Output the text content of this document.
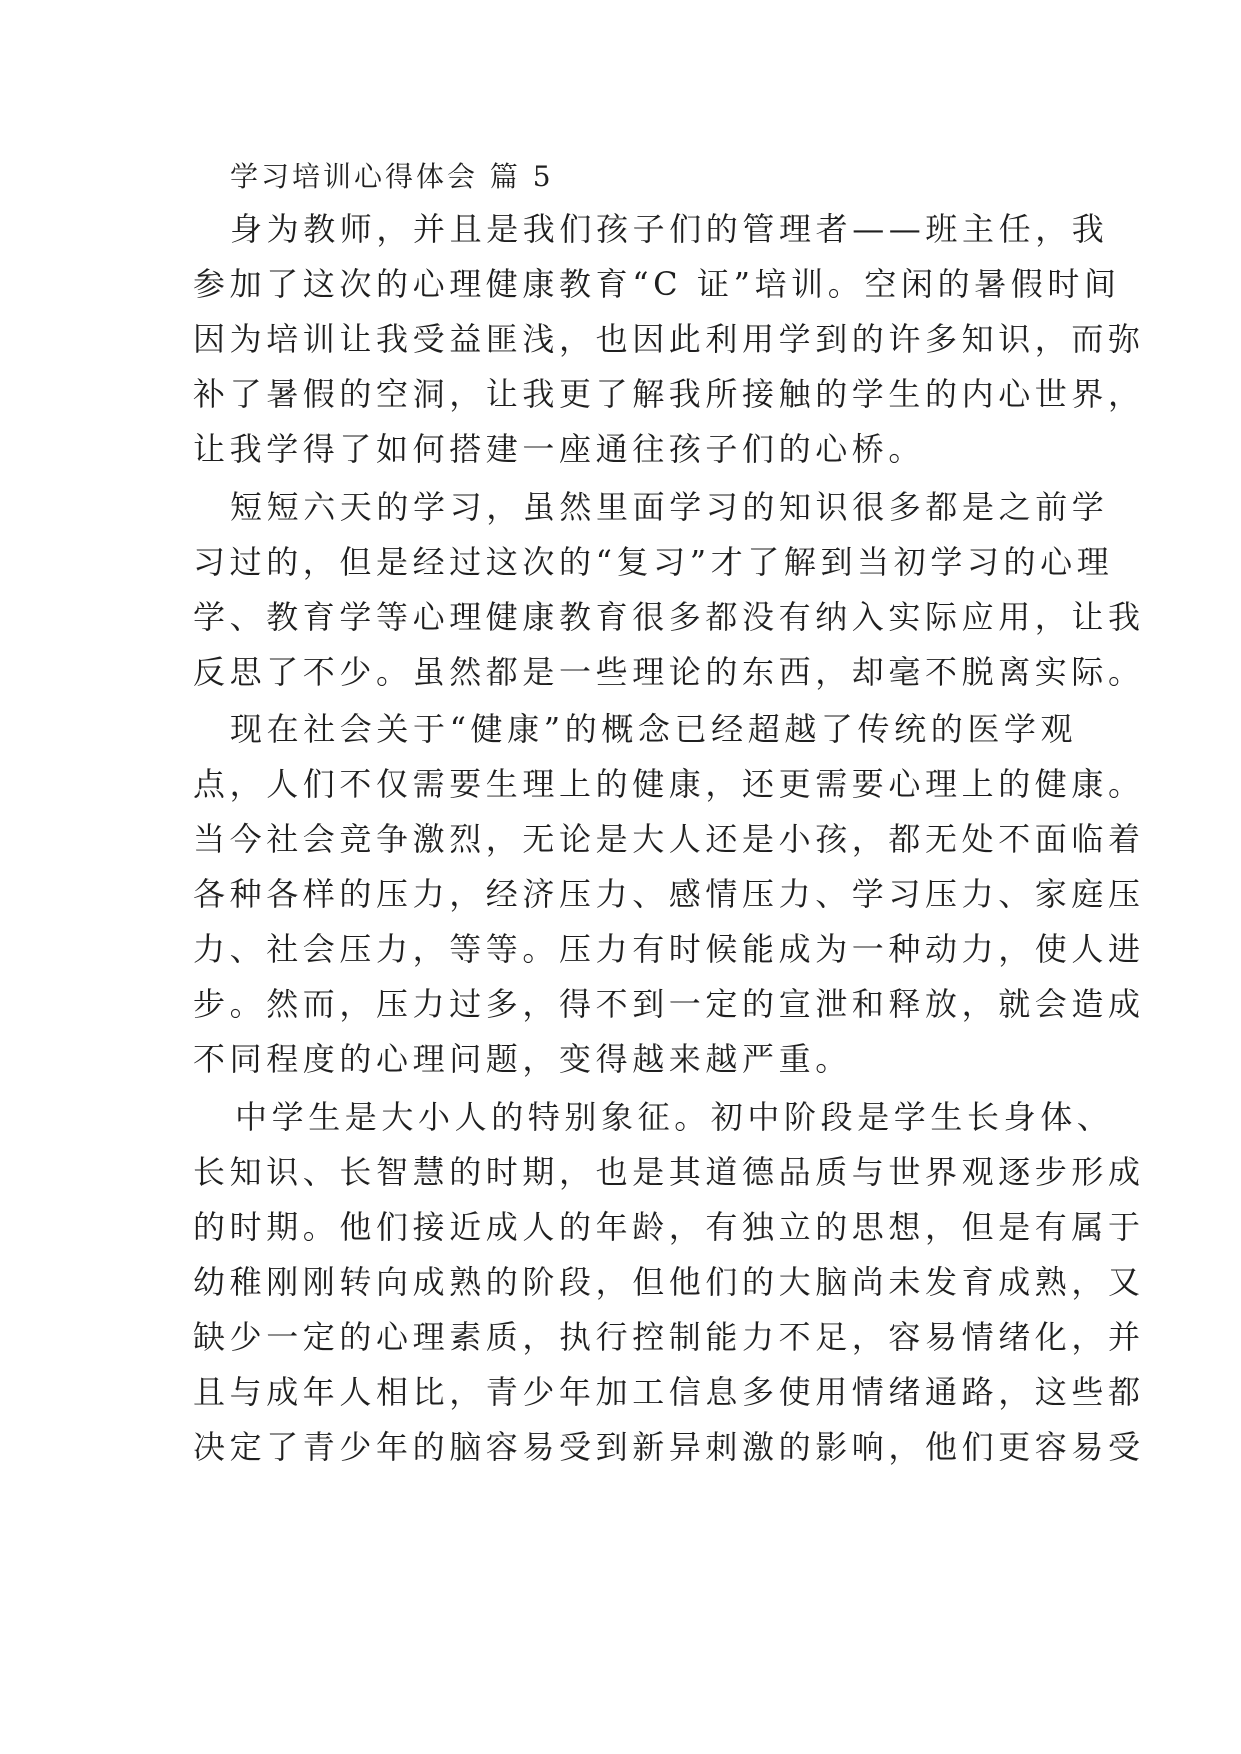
学习培训心得体会 篇 5
身为教师，并且是我们孩子们的管理者——班主任，我
参加了这次的心理健康教育“C 证”培训。空闲的暑假时间
因为培训让我受益匪浅，也因此利用学到的许多知识，而弥
补了暑假的空洞，让我更了解我所接触的学生的内心世界，
让我学得了如何搭建一座通往孩子们的心桥。
短短六天的学习，虽然里面学习的知识很多都是之前学
习过的，但是经过这次的“复习”才了解到当初学习的心理
学、教育学等心理健康教育很多都没有纳入实际应用，让我
反思了不少。虽然都是一些理论的东西，却毫不脱离实际。
现在社会关于“健康”的概念已经超越了传统的医学观
点，人们不仅需要生理上的健康，还更需要心理上的健康。
当今社会竞争激烈，无论是大人还是小孩，都无处不面临着
各种各样的压力，经济压力、感情压力、学习压力、家庭压
力、社会压力，等等。压力有时候能成为一种动力，使人进
步。然而，压力过多，得不到一定的宣泄和释放，就会造成
不同程度的心理问题，变得越来越严重。
中学生是大小人的特别象征。初中阶段是学生长身体、
长知识、长智慧的时期，也是其道德品质与世界观逐步形成
的时期。他们接近成人的年龄，有独立的思想，但是有属于
幼稚刚刚转向成熟的阶段，但他们的大脑尚未发育成熟，又
缺少一定的心理素质，执行控制能力不足，容易情绪化，并
且与成年人相比，青少年加工信息多使用情绪通路，这些都
决定了青少年的脑容易受到新异刺激的影响，他们更容易受
